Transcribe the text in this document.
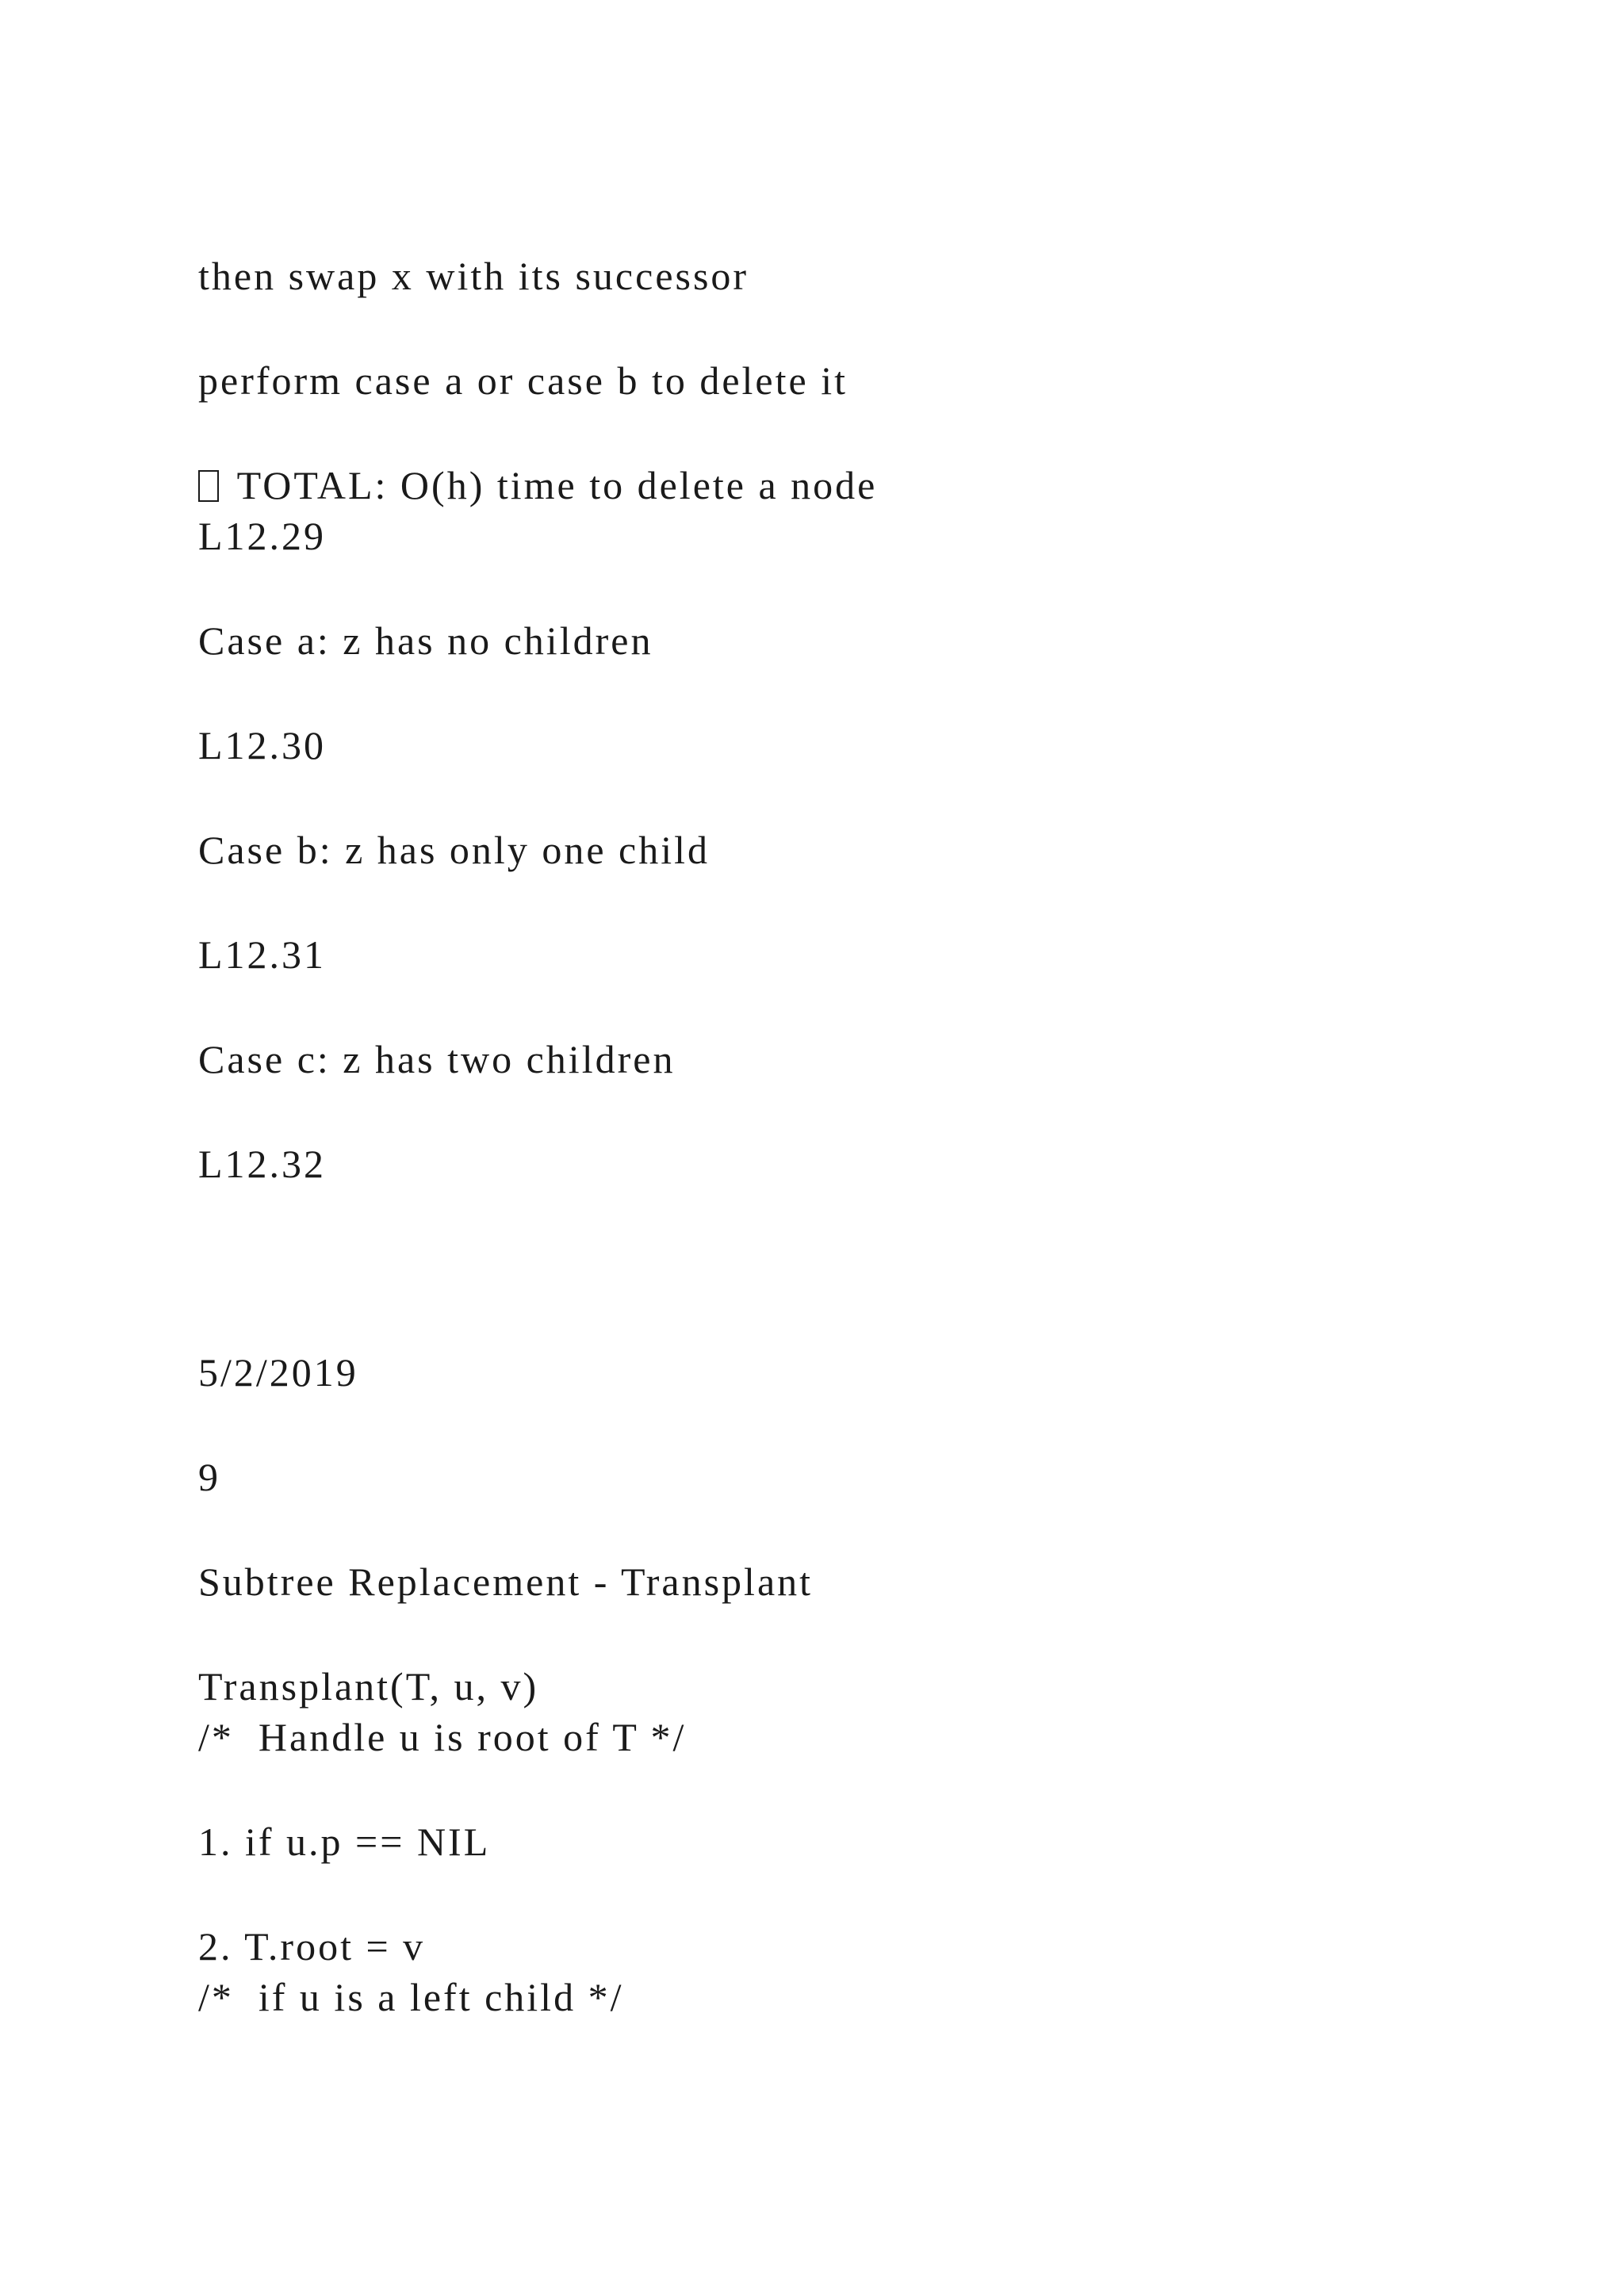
then swap x with its successor

perform case a or case b to delete it

TOTAL: O(h) time to delete a node

L12.29

Case a: z has no children

L12.30

Case b: z has only one child

L12.31

Case c: z has two children

L12.32

5/2/2019

9

Subtree Replacement - Transplant

Transplant(T, u, v)

/*  Handle u is root of T */

1. if u.p == NIL

2. T.root = v

/*  if u is a left child */
